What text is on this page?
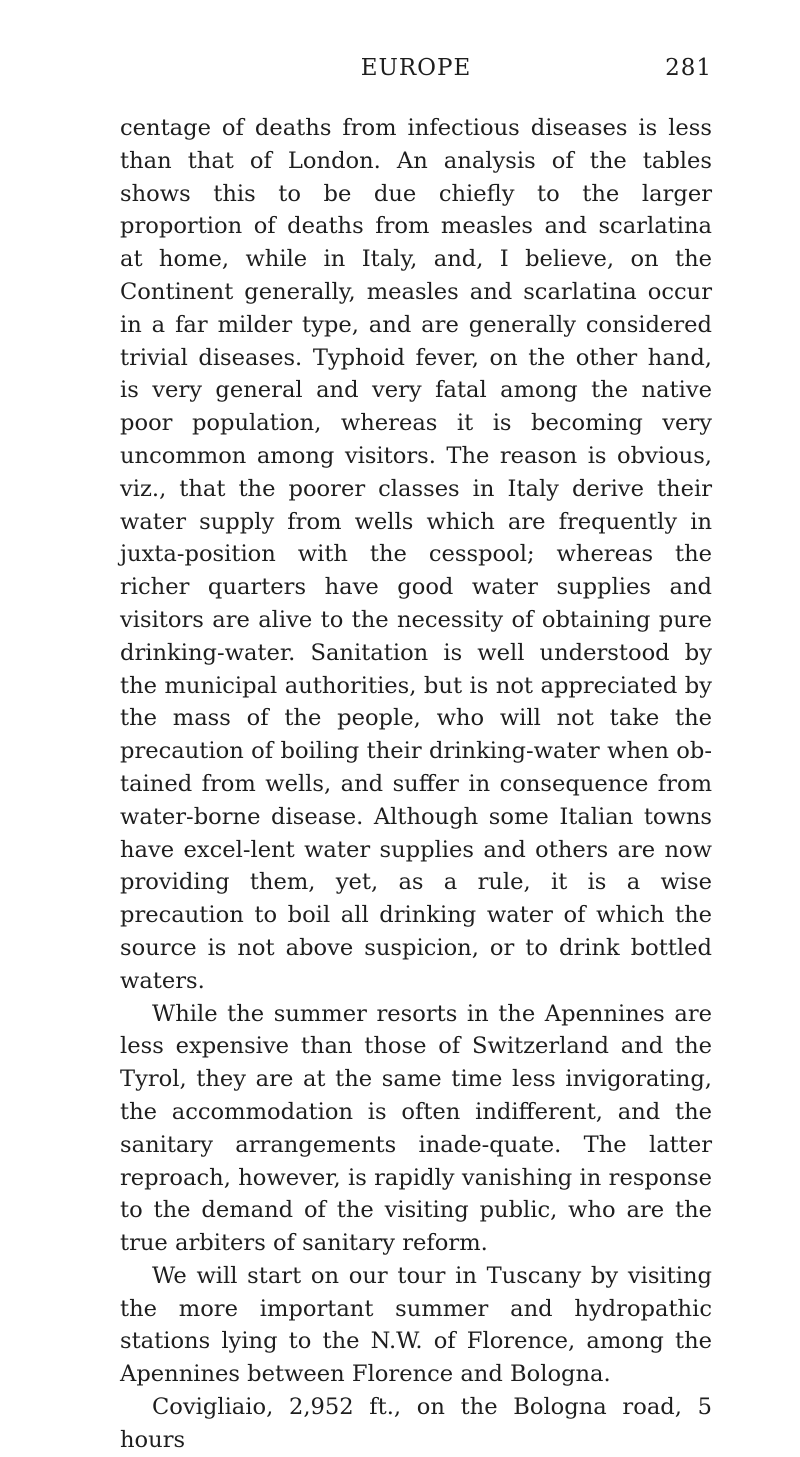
EUROPE	281

centage of deaths from infectious diseases is less than that of London. An analysis of the tables shows this to be due chiefly to the larger proportion of deaths from measles and scarlatina at home, while in Italy, and, I believe, on the Continent generally, measles and scarlatina occur in a far milder type, and are generally considered trivial diseases. Typhoid fever, on the other hand, is very general and very fatal among the native poor population, whereas it is becoming very uncommon among visitors. The reason is obvious, viz., that the poorer classes in Italy derive their water supply from wells which are frequently in juxta-position with the cesspool; whereas the richer quarters have good water supplies and visitors are alive to the necessity of obtaining pure drinking-water. Sanitation is well understood by the municipal authorities, but is not appreciated by the mass of the people, who will not take the precaution of boiling their drinking-water when ob-tained from wells, and suffer in consequence from water-borne disease. Although some Italian towns have excel-lent water supplies and others are now providing them, yet, as a rule, it is a wise precaution to boil all drinking water of which the source is not above suspicion, or to drink bottled waters.

While the summer resorts in the Apennines are less expensive than those of Switzerland and the Tyrol, they are at the same time less invigorating, the accommodation is often indifferent, and the sanitary arrangements inade-quate. The latter reproach, however, is rapidly vanishing in response to the demand of the visiting public, who are the true arbiters of sanitary reform.

We will start on our tour in Tuscany by visiting the more important summer and hydropathic stations lying to the N.W. of Florence, among the Apennines between Florence and Bologna.

Covigliaio, 2,952 ft., on the Bologna road, 5 hours
